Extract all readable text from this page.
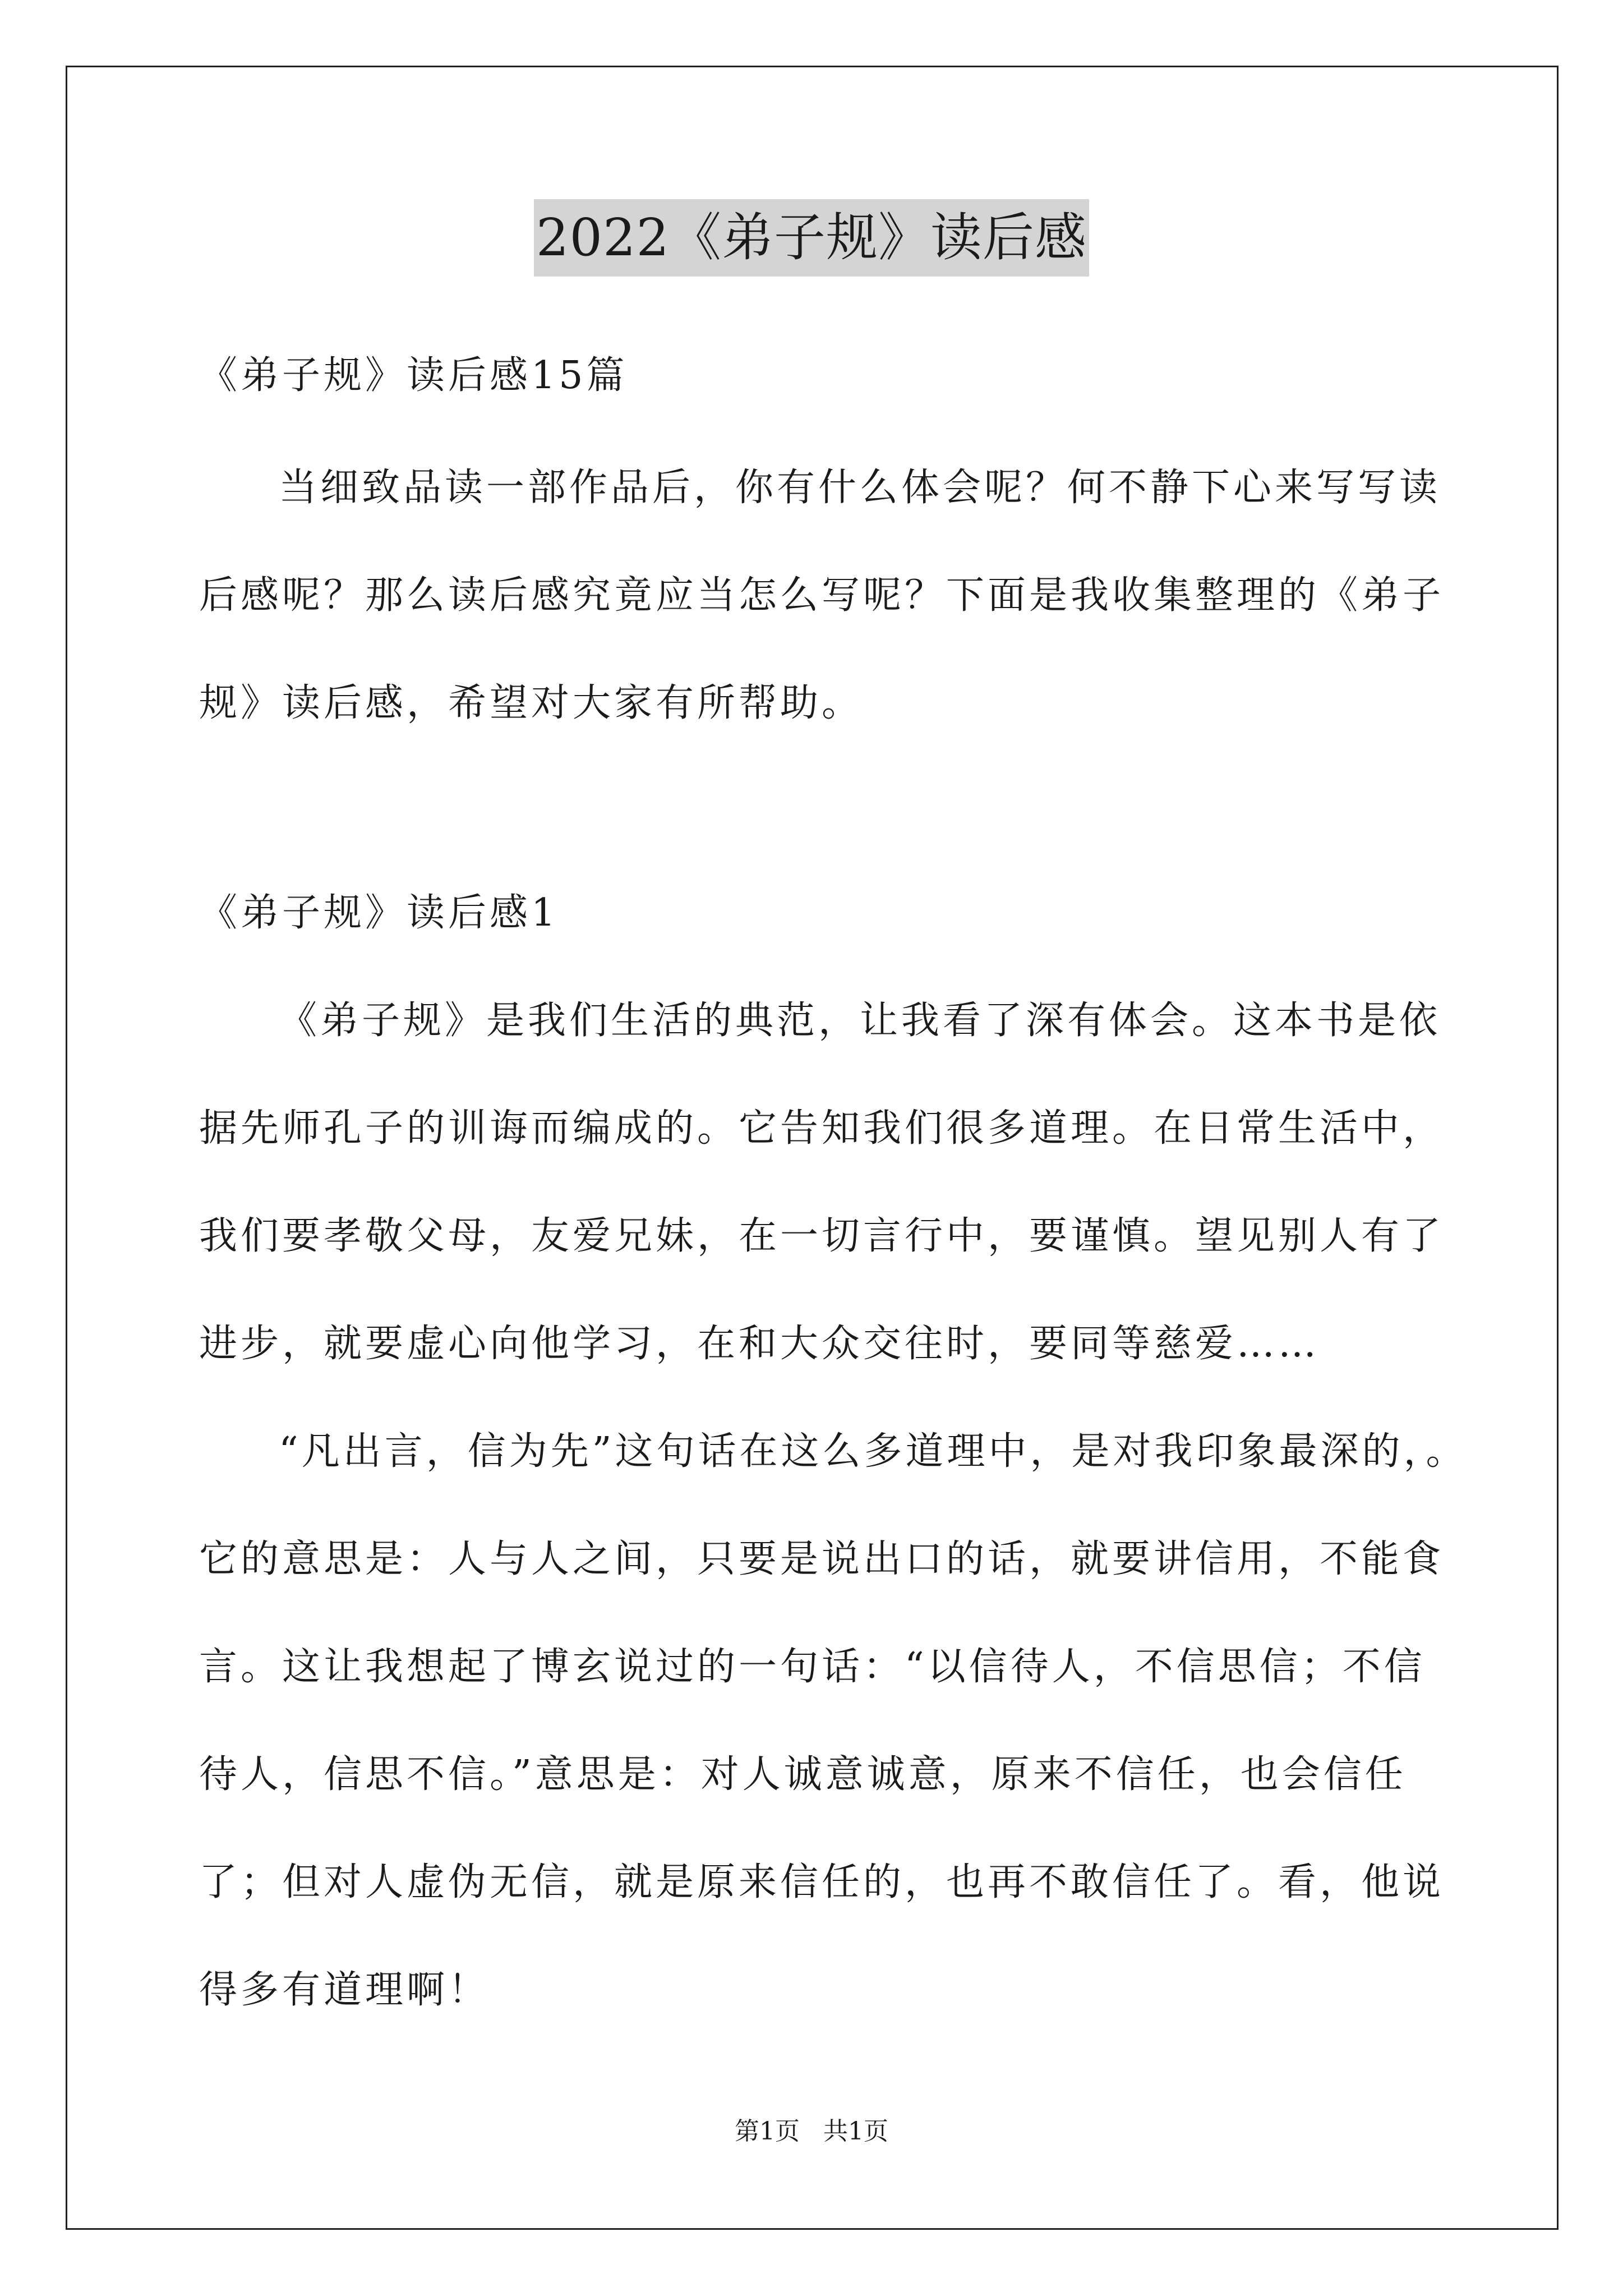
2022《弟子规》读后感
《弟子规》读后感15篇
当细致品读一部作品后，你有什么体会呢？何不静下心来写写读
后感呢？那么读后感究竟应当怎么写呢？下面是我收集整理的《弟子
规》读后感，希望对大家有所帮助。
《弟子规》读后感1
《弟子规》是我们生活的典范，让我看了深有体会。这本书是依
据先师孔子的训诲而编成的。它告知我们很多道理。在日常生活中，
我们要孝敬父母，友爱兄妹，在一切言行中，要谨慎。望见别人有了
进步，就要虚心向他学习，在和大众交往时，要同等慈爱……
“凡出言，信为先”这句话在这么多道理中，是对我印象最深的，。
它的意思是：人与人之间，只要是说出口的话，就要讲信用，不能食
言。这让我想起了博玄说过的一句话：“以信待人，不信思信；不信
待人，信思不信。”意思是：对人诚意诚意，原来不信任，也会信任
了；但对人虚伪无信，就是原来信任的，也再不敢信任了。看，他说
得多有道理啊！
第1页   共1页
